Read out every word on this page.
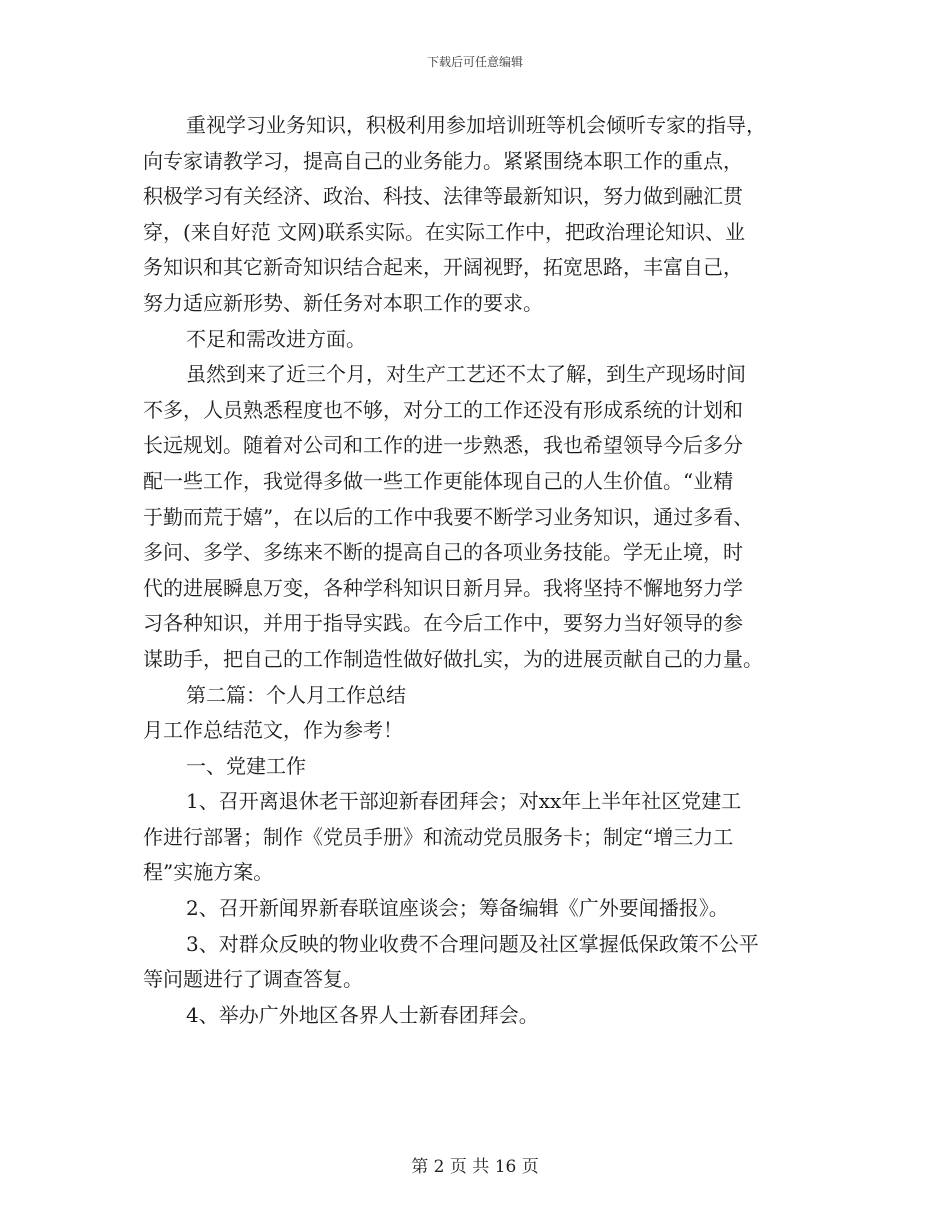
下载后可任意编辑
重视学习业务知识，积极利用参加培训班等机会倾听专家的指导，
向专家请教学习，提高自己的业务能力。紧紧围绕本职工作的重点，
积极学习有关经济、政治、科技、法律等最新知识，努力做到融汇贯
穿，(来自好范 文网)联系实际。在实际工作中，把政治理论知识、业
务知识和其它新奇知识结合起来，开阔视野，拓宽思路，丰富自己，
努力适应新形势、新任务对本职工作的要求。
不足和需改进方面。
虽然到来了近三个月，对生产工艺还不太了解，到生产现场时间
不多，人员熟悉程度也不够，对分工的工作还没有形成系统的计划和
长远规划。随着对公司和工作的进一步熟悉，我也希望领导今后多分
配一些工作，我觉得多做一些工作更能体现自己的人生价值。“业精
于勤而荒于嬉”，在以后的工作中我要不断学习业务知识，通过多看、
多问、多学、多练来不断的提高自己的各项业务技能。学无止境，时
代的进展瞬息万变，各种学科知识日新月异。我将坚持不懈地努力学
习各种知识，并用于指导实践。在今后工作中，要努力当好领导的参
谋助手，把自己的工作制造性做好做扎实，为的进展贡献自己的力量。
第二篇：个人月工作总结
月工作总结范文，作为参考！
一、党建工作
1、召开离退休老干部迎新春团拜会；对xx年上半年社区党建工
作进行部署；制作《党员手册》和流动党员服务卡；制定“增三力工
程”实施方案。
2、召开新闻界新春联谊座谈会；筹备编辑《广外要闻播报》。
3、对群众反映的物业收费不合理问题及社区掌握低保政策不公平
等问题进行了调查答复。
4、举办广外地区各界人士新春团拜会。
第 2 页 共 16 页
